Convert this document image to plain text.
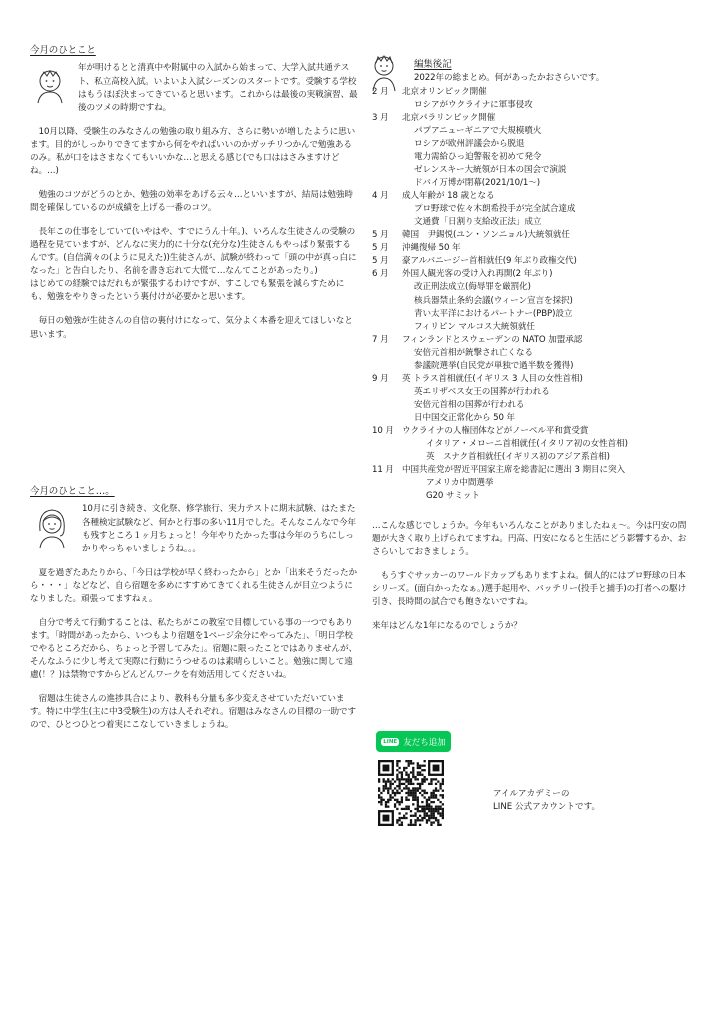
今月のひとこと

年が明けるとと清真中や附属中の入試から始まって、大学入試共通テスト、私立高校入試。いよいよ入試シーズンのスタートです。受験する学校はもうほぼ決まってきていると思います。これからは最後の実戦演習、最後のツメの時期ですね。

10月以降、受験生のみなさんの勉強の取り組み方、さらに勢いが増したように思います。目的がしっかりできてますから何をやればいいのかガッチリつかんで勉強あるのみ。私が口をはさまなくてもいいかな…と思える感じ(でも口ははさみますけどね。…)

勉強のコツがどうのとか、勉強の効率をあげる云々…といいますが、結局は勉強時間を確保しているのが成績を上げる一番のコツ。

長年この仕事をしていて(いやはや、すでにうん十年。)、いろんな生徒さんの受験の過程を見ていますが、どんなに実力的に十分な(充分な)生徒さんもやっぱり緊張するんです。(自信満々の(ように見えた))生徒さんが、試験が終わって「頭の中が真っ白になった」と告白したり、名前を書き忘れて大慌て…なんてことがあったり。)
はじめての経験ではだれもが緊張するわけですが、すこしでも緊張を減らすためにも、勉強をやりきったという裏付けが必要かと思います。

毎日の勉強が生徒さんの自信の裏付けになって、気分よく本番を迎えてほしいなと思います。

今月のひとこと…。

10月に引き続き、文化祭、修学旅行、実力テストに期末試験、はたまた各種検定試験など、何かと行事の多い11月でした。そんなこんなで今年も残すところ１ヶ月ちょっと！今年やりたかった事は今年のうちにしっかりやっちゃいましょうね。。。

夏を過ぎたあたりから、「今日は学校が早く終わったから」とか「出来そうだったから・・・」などなど、自ら宿題を多めにすすめてきてくれる生徒さんが目立つようになりました。頑張ってますねぇ。

自分で考えて行動することは、私たちがこの教室で目標している事の一つでもあります。「時間があったから、いつもより宿題を1ページ余分にやってみた」、「明日学校でやるところだから、ちょっと予習してみた」。宿題に限ったことではありませんが、そんなふうに少し考えて実際に行動にうつせるのは素晴らしいこと。勉強に関して遠慮(！？)は禁物ですからどんどんワークを有効活用してくださいね。

宿題は生徒さんの進捗具合により、教科も分量も多少変えさせていただいています。特に中学生(主に中3受験生)の方は人それぞれ。宿題はみなさんの目標の一助ですので、ひとつひとつ着実にこなしていきましょうね。

編集後記
2022年の総まとめ。何があったかおさらいです。
2 月	北京オリンピック開催
ロシアがウクライナに軍事侵攻
3 月	北京パラリンピック開催
パプアニューギニアで大規模噴火
ロシアが欧州評議会から脱退
電力需給ひっ迫警報を初めて発令
ゼレンスキー大統領が日本の国会で演説
ドバイ万博が閉幕(2021/10/1～)
4 月	成人年齢が 18 歳となる
プロ野球で佐々木朗希投手が完全試合達成
文通費「日割り支給改正法」成立
5 月	韓国　尹錫悦(ユン・ソンニョル)大統領就任
5 月	沖縄復帰 50 年
5 月	豪アルバニージー首相就任(9 年ぶり政権交代)
6 月	外国人観光客の受け入れ再開(2 年ぶり)
改正刑法成立(侮辱罪を厳罰化)
核兵器禁止条約会議(ウィーン宣言を採択)
青い太平洋におけるパートナー(PBP)設立
フィリピン マルコス大統領就任
7 月	フィンランドとスウェーデンの NATO 加盟承認
安倍元首相が銃撃され亡くなる
参議院選挙(自民党が単独で過半数を獲得)
9 月	英 トラス首相就任(イギリス 3 人目の女性首相)
英エリザベス女王の国葬が行われる
安倍元首相の国葬が行われる
日中国交正常化から 50 年
10 月 ウクライナの人権団体などがノーベル平和賞受賞
イタリア・メローニ首相就任(イタリア初の女性首相)
英　スナク首相就任(イギリス初のアジア系首相)
11 月 中国共産党が習近平国家主席を総書記に選出 3 期目に突入
アメリカ中間選挙
G20 サミット

…こんな感じでしょうか。今年もいろんなことがありましたねぇ～。今は円安の問題が大きく取り上げられてますね。円高、円安になると生活にどう影響するか、おさらいしておきましょう。

もうすぐサッカーのワールドカップもありますよね。個人的にはプロ野球の日本シリーズ。(面白かったなぁ。)選手起用や、バッテリー(投手と捕手)の打者への駆け引き、長時間の試合でも飽きないですね。

来年はどんな1年になるのでしょうか？

LINE 友だち追加
アイルアカデミーの
LINE 公式アカウントです。
